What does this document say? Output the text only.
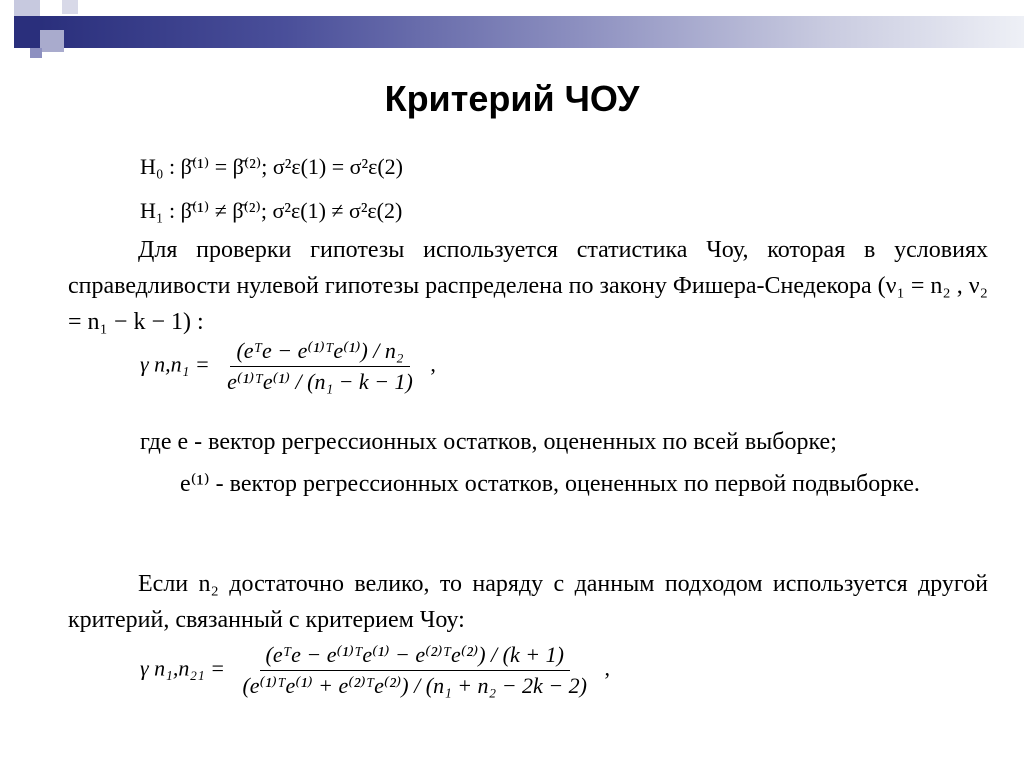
Критерий ЧОУ
H₀ : β̄⁽¹⁾ = β̄⁽²⁾; σ²ε(1) = σ²ε(2)
H₁ : β̄⁽¹⁾ ≠ β̄⁽²⁾; σ²ε(1) ≠ σ²ε(2)
Для проверки гипотезы используется статистика Чоу, которая в условиях справедливости нулевой гипотезы распределена по закону Фишера-Снедекора (ν₁ = n₂ , ν₂ = n₁ − k − 1) :
γ $n,n_1 = \frac{\text{(eᵀe − e⁽¹⁾ᵀe⁽¹⁾) / n₂}}{\text{e⁽¹⁾ᵀe⁽¹⁾ / (n₁ − k − 1)}}$ ,
где e - вектор регрессионных остатков, оцененных по всей выборке;
e⁽¹⁾ - вектор регрессионных остатков, оцененных по первой подвыборке.
Если n₂ достаточно велико, то наряду с данным подходом используется другой критерий, связанный с критерием Чоу:
γ $n_1,n_{21} = \frac{\text{(eᵀe − e⁽¹⁾ᵀe⁽¹⁾ − e⁽²⁾ᵀe⁽²⁾) / (k + 1)}}{\text{(e⁽¹⁾ᵀe⁽¹⁾ + e⁽²⁾ᵀe⁽²⁾) / (n₁ + n₂ − 2k − 2)}}$ ,
